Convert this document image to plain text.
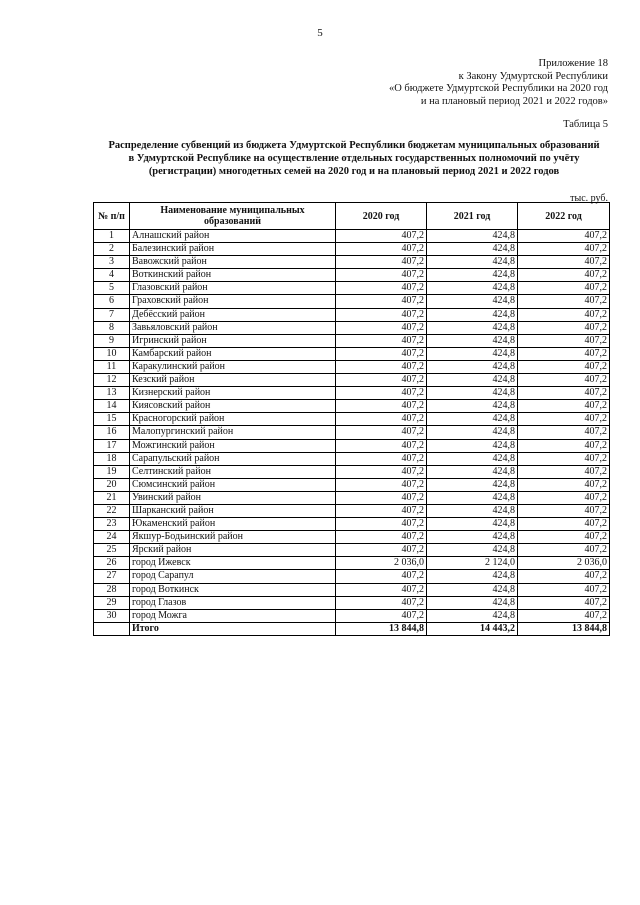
5
Приложение 18
к Закону Удмуртской Республики
«О бюджете Удмуртской Республики на 2020 год
и на плановый период 2021 и 2022 годов»
Таблица 5
Распределение субвенций из бюджета Удмуртской Республики бюджетам муниципальных образований
в Удмуртской Республике на осуществление отдельных государственных полномочий по учёту
(регистрации) многодетных семей на 2020 год и на плановый период 2021 и 2022 годов
тыс. руб.
№ п/п	Наименование муниципальных образований	2020 год	2021 год	2022 год
1	Алнашский район	407,2	424,8	407,2
2	Балезинский район	407,2	424,8	407,2
3	Вавожский район	407,2	424,8	407,2
4	Воткинский район	407,2	424,8	407,2
5	Глазовский район	407,2	424,8	407,2
6	Граховский район	407,2	424,8	407,2
7	Дебёсский район	407,2	424,8	407,2
8	Завьяловский район	407,2	424,8	407,2
9	Игринский район	407,2	424,8	407,2
10	Камбарский район	407,2	424,8	407,2
11	Каракулинский район	407,2	424,8	407,2
12	Кезский район	407,2	424,8	407,2
13	Кизнерский район	407,2	424,8	407,2
14	Киясовский район	407,2	424,8	407,2
15	Красногорский район	407,2	424,8	407,2
16	Малопургинский район	407,2	424,8	407,2
17	Можгинский район	407,2	424,8	407,2
18	Сарапульский район	407,2	424,8	407,2
19	Селтинский район	407,2	424,8	407,2
20	Сюмсинский район	407,2	424,8	407,2
21	Увинский район	407,2	424,8	407,2
22	Шарканский район	407,2	424,8	407,2
23	Юкаменский район	407,2	424,8	407,2
24	Якшур-Бодьинский район	407,2	424,8	407,2
25	Ярский район	407,2	424,8	407,2
26	город Ижевск	2 036,0	2 124,0	2 036,0
27	город Сарапул	407,2	424,8	407,2
28	город Воткинск	407,2	424,8	407,2
29	город Глазов	407,2	424,8	407,2
30	город Можга	407,2	424,8	407,2
	Итого	13 844,8	14 443,2	13 844,8
